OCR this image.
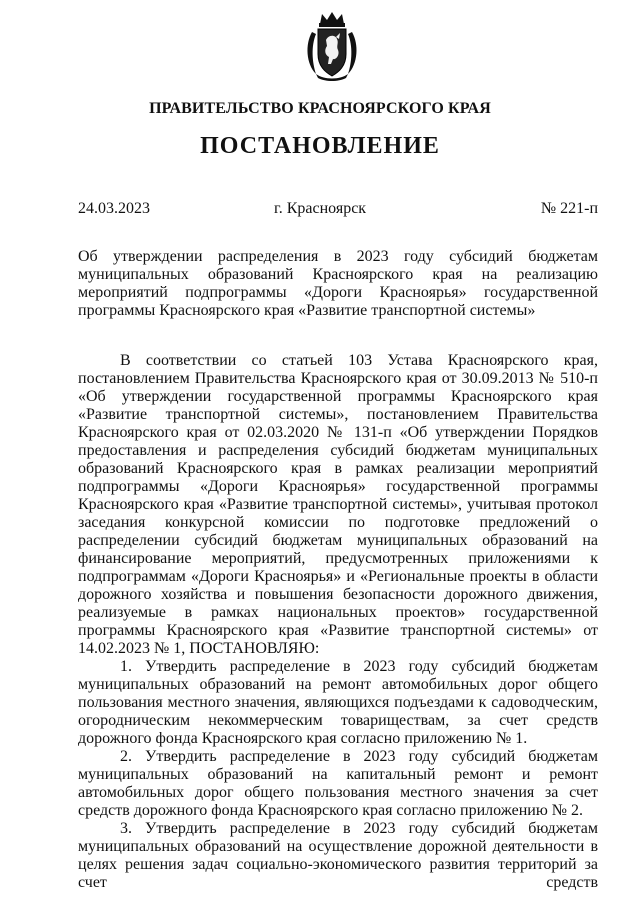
ПРАВИТЕЛЬСТВО КРАСНОЯРСКОГО КРАЯ
ПОСТАНОВЛЕНИЕ
24.03.2023	г. Красноярск	№ 221-п
Об утверждении распределения в 2023 году субсидий бюджетам муниципальных образований Красноярского края на реализацию мероприятий подпрограммы «Дороги Красноярья» государственной программы Красноярского края «Развитие транспортной системы»

В соответствии со статьей 103 Устава Красноярского края, постановлением Правительства Красноярского края от 30.09.2013 № 510-п «Об утверждении государственной программы Красноярского края «Развитие транспортной системы», постановлением Правительства Красноярского края от 02.03.2020 № 131-п «Об утверждении Порядков предоставления и распределения субсидий бюджетам муниципальных образований Красноярского края в рамках реализации мероприятий подпрограммы «Дороги Красноярья» государственной программы Красноярского края «Развитие транспортной системы», учитывая протокол заседания конкурсной комиссии по подготовке предложений о распределении субсидий бюджетам муниципальных образований на финансирование мероприятий, предусмотренных приложениями к подпрограммам «Дороги Красноярья» и «Региональные проекты в области дорожного хозяйства и повышения безопасности дорожного движения, реализуемые в рамках национальных проектов» государственной программы Красноярского края «Развитие транспортной системы» от 14.02.2023 № 1, ПОСТАНОВЛЯЮ:

1. Утвердить распределение в 2023 году субсидий бюджетам муниципальных образований на ремонт автомобильных дорог общего пользования местного значения, являющихся подъездами к садоводческим, огородническим некоммерческим товариществам, за счет средств дорожного фонда Красноярского края согласно приложению № 1.

2. Утвердить распределение в 2023 году субсидий бюджетам муниципальных образований на капитальный ремонт и ремонт автомобильных дорог общего пользования местного значения за счет средств дорожного фонда Красноярского края согласно приложению № 2.

3. Утвердить распределение в 2023 году субсидий бюджетам муниципальных образований на осуществление дорожной деятельности в целях решения задач социально-экономического развития территорий за счет средств
